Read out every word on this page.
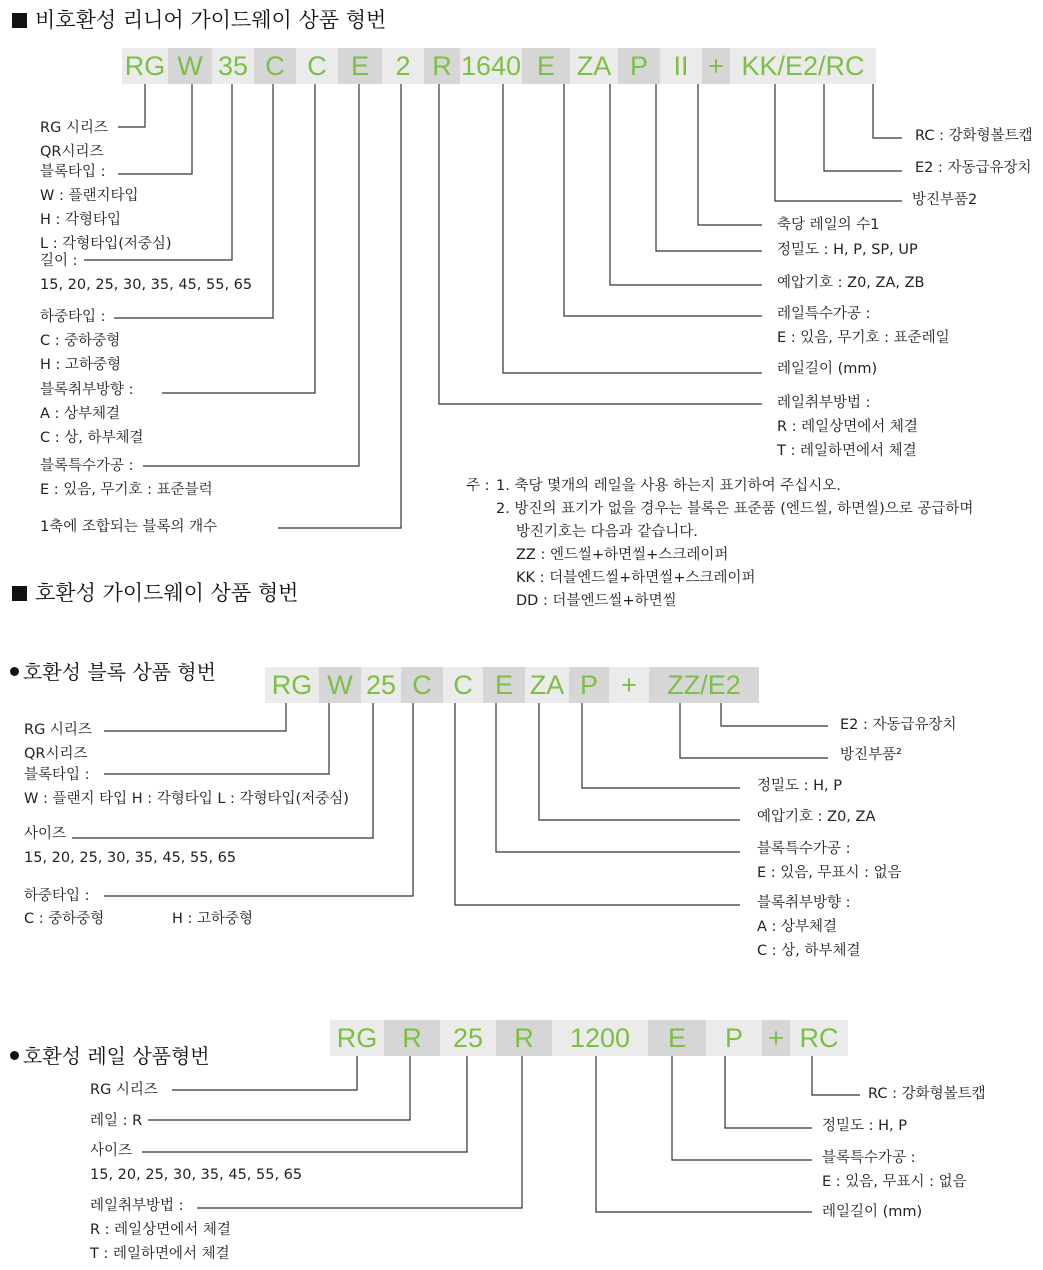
비호환성 리니어 가이드웨이 상품 형번
RG W 35 C C E 2 R 1640 E ZA P II + KK/E2/RC
RG 시리즈
QR시리즈
블록타입 :
W : 플랜지타입
H : 각형타입
L : 각형타입(저중심)
길이 :
15, 20, 25, 30, 35, 45, 55, 65
하중타입 :
C : 중하중형
H : 고하중형
블록취부방향 :
A : 상부체결
C : 상, 하부체결
블록특수가공 :
E : 있음, 무기호 : 표준블럭
1축에 조합되는 블록의 개수
RC : 강화형볼트캡
E2 : 자동급유장치
방진부품2
축당 레일의 수1
정밀도 : H, P, SP, UP
예압기호 : Z0, ZA, ZB
레일특수가공 :
E : 있음, 무기호 : 표준레일
레일길이 (mm)
레일취부방법 :
R : 레일상면에서 체결
T : 레일하면에서 체결
주 : 1. 축당 몇개의 레일을 사용 하는지 표기하여 주십시오.
2. 방진의 표기가 없을 경우는 블록은 표준품 (엔드씰, 하면씰)으로 공급하며
방진기호는 다음과 같습니다.
ZZ : 엔드씰+하면씰+스크레이퍼
KK : 더블엔드씰+하면씰+스크레이퍼
DD : 더블엔드씰+하면씰
호환성 가이드웨이 상품 형번
호환성 블록 상품 형번 RG W 25 C C E ZA P +	ZZ/E2
RG 시리즈
QR시리즈
블록타입 :
W : 플랜지 타입 H : 각형타입 L : 각형타입(저중심)
사이즈
15, 20, 25, 30, 35, 45, 55, 65
하중타입 :
C : 중하중형	H : 고하중형
E2 : 자동급유장치
방진부품²
정밀도 : H, P
예압기호 : Z0, ZA
블록특수가공 :
E : 있음, 무표시 : 없음
블록취부방향 :
A : 상부체결
C : 상, 하부체결
호환성 레일 상품형번
RG R	25	R	1200	E	P + RC
RG 시리즈
레일 : R
사이즈
15, 20, 25, 30, 35, 45, 55, 65
레일취부방법 :
R : 레일상면에서 체결
T : 레일하면에서 체결
RC : 강화형볼트캡
정밀도 : H, P
블록특수가공 :
E : 있음, 무표시 : 없음
레일길이 (mm)
